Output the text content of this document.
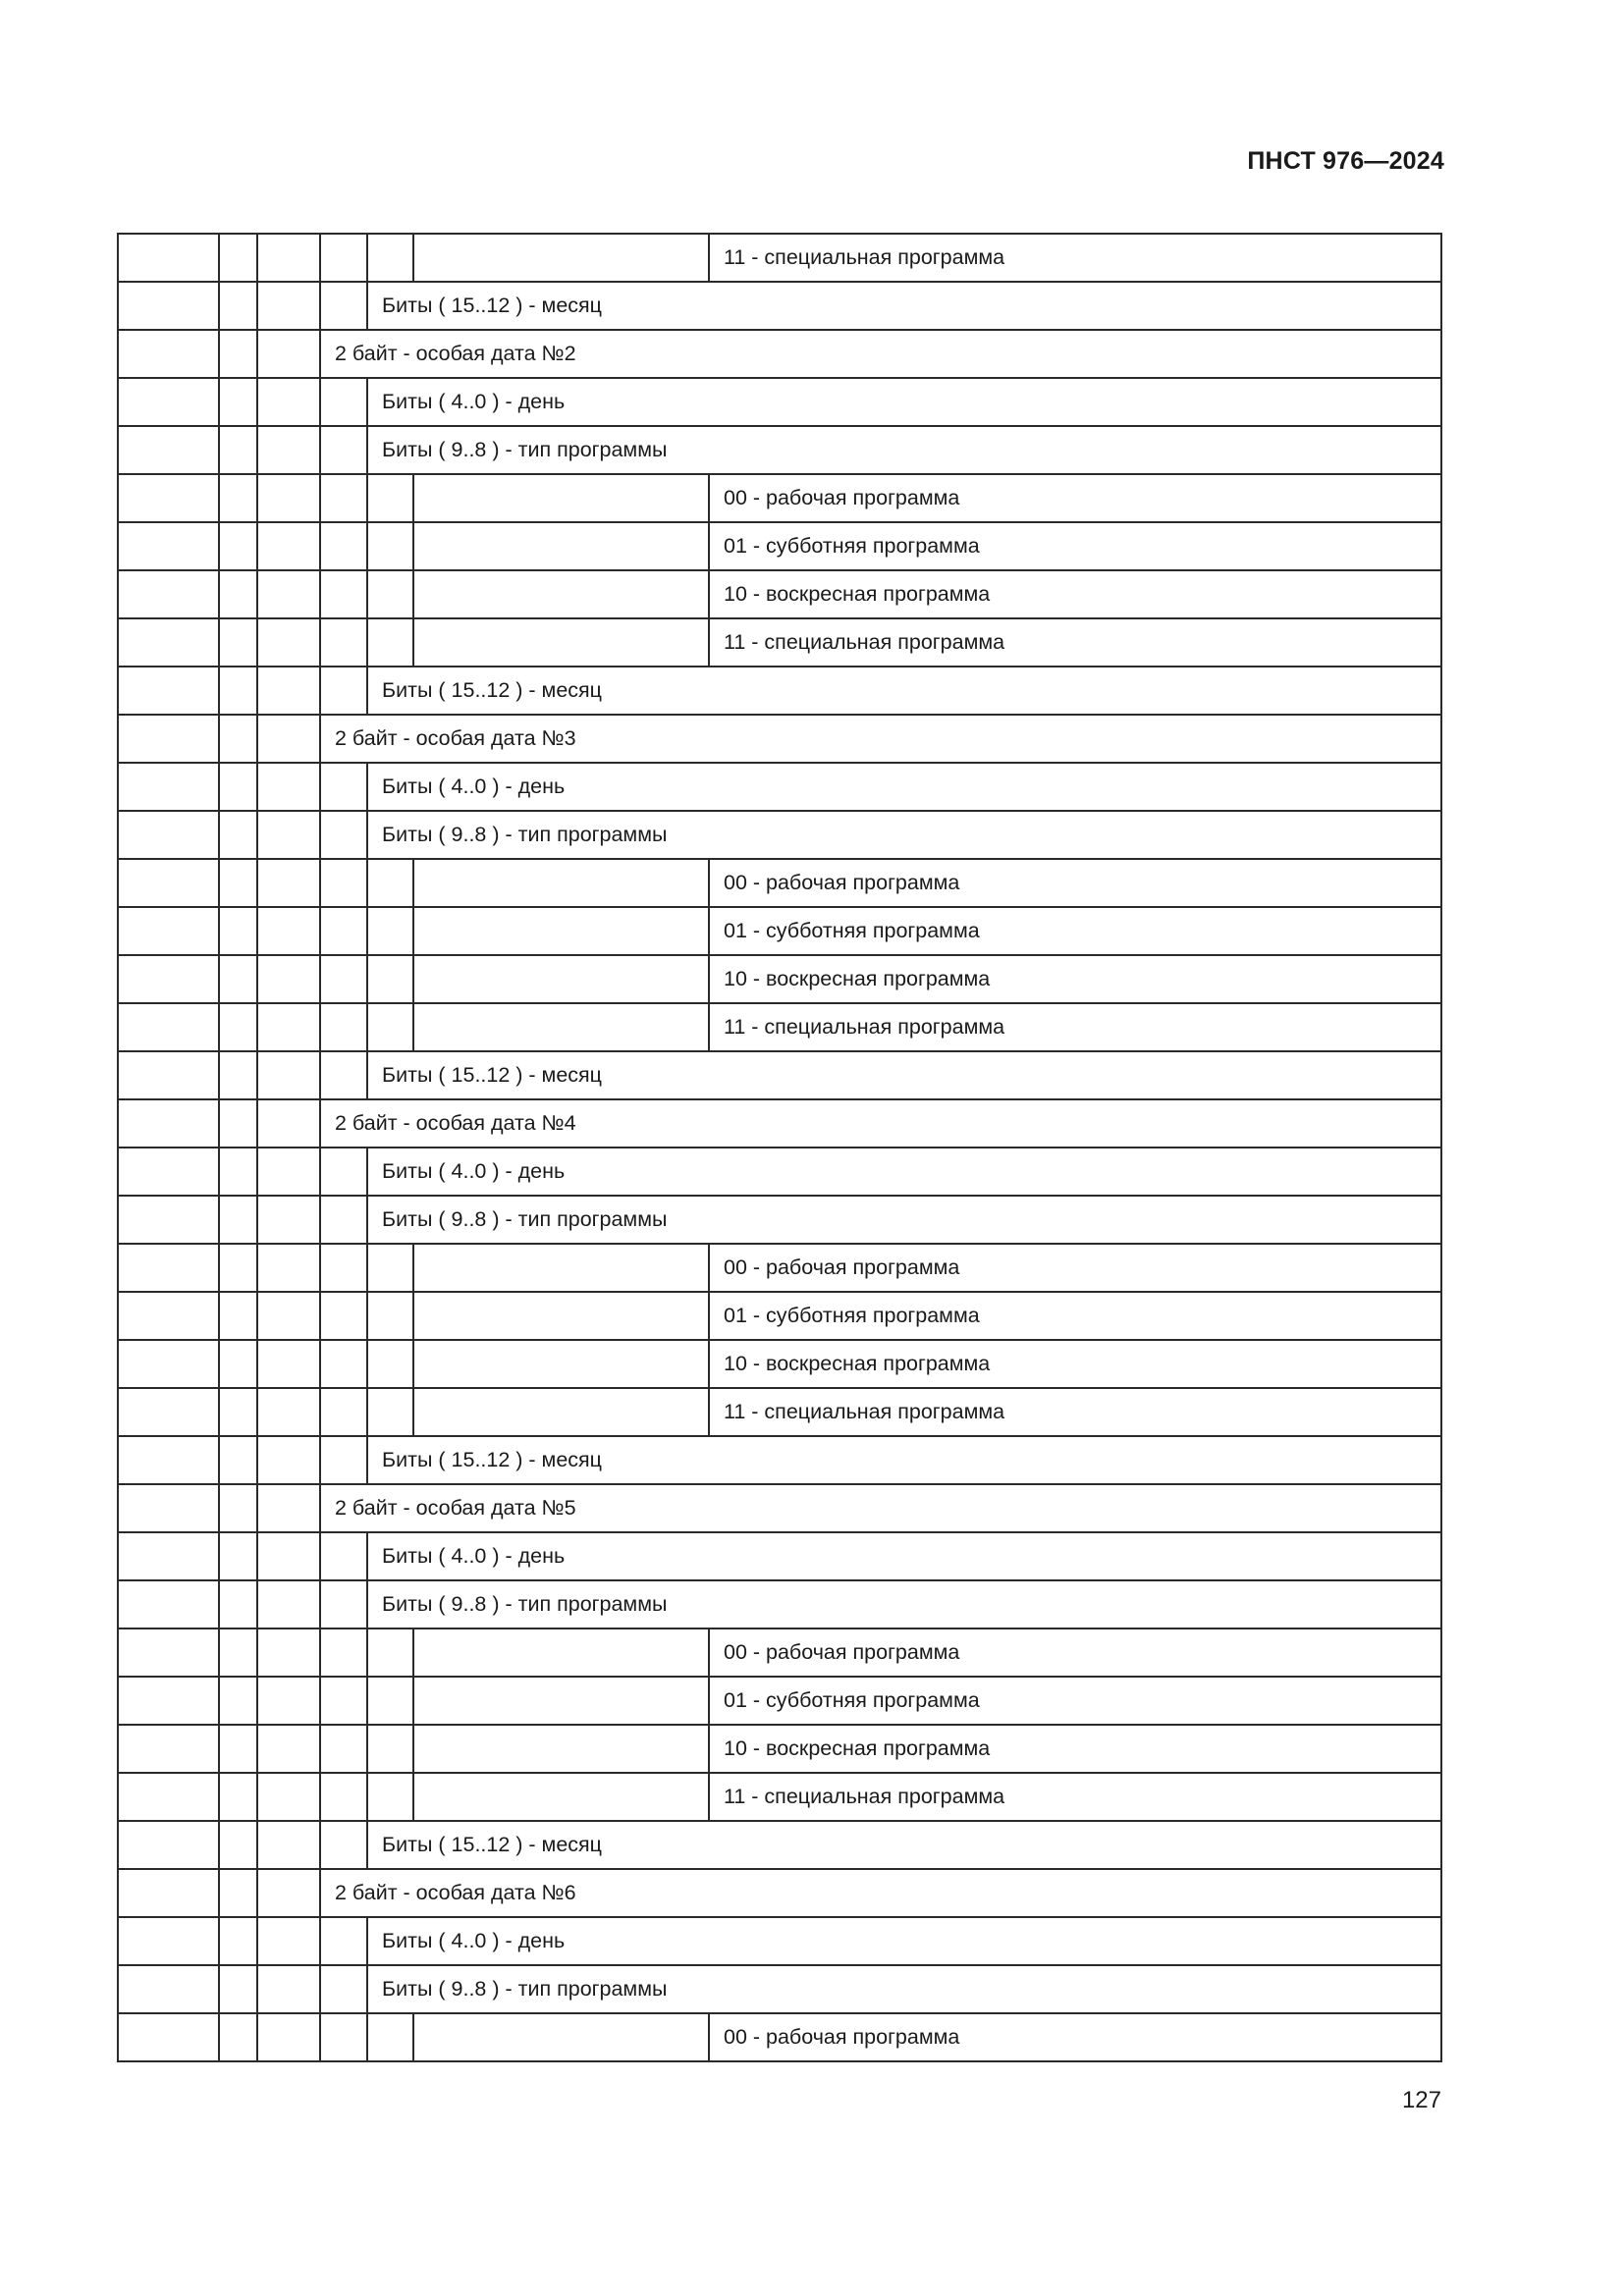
ПНСТ 976—2024
						11 - специальная программа
				Биты ( 15..12 ) - месяц		
			2 байт - особая дата №2			
				Биты ( 4..0 ) - день		
				Биты ( 9..8 ) - тип программы		
						00 - рабочая программа
						01 - субботняя программа
						10 - воскресная программа
						11 - специальная программа
				Биты ( 15..12 ) - месяц		
			2 байт - особая дата №3			
				Биты ( 4..0 ) - день		
				Биты ( 9..8 ) - тип программы		
						00 - рабочая программа
						01 - субботняя программа
						10 - воскресная программа
						11 - специальная программа
				Биты ( 15..12 ) - месяц		
			2 байт - особая дата №4			
				Биты ( 4..0 ) - день		
				Биты ( 9..8 ) - тип программы		
						00 - рабочая программа
						01 - субботняя программа
						10 - воскресная программа
						11 - специальная программа
				Биты ( 15..12 ) - месяц		
			2 байт - особая дата №5			
				Биты ( 4..0 ) - день		
				Биты ( 9..8 ) - тип программы		
						00 - рабочая программа
						01 - субботняя программа
						10 - воскресная программа
						11 - специальная программа
				Биты ( 15..12 ) - месяц		
			2 байт - особая дата №6			
				Биты ( 4..0 ) - день		
				Биты ( 9..8 ) - тип программы		
						00 - рабочая программа
127
